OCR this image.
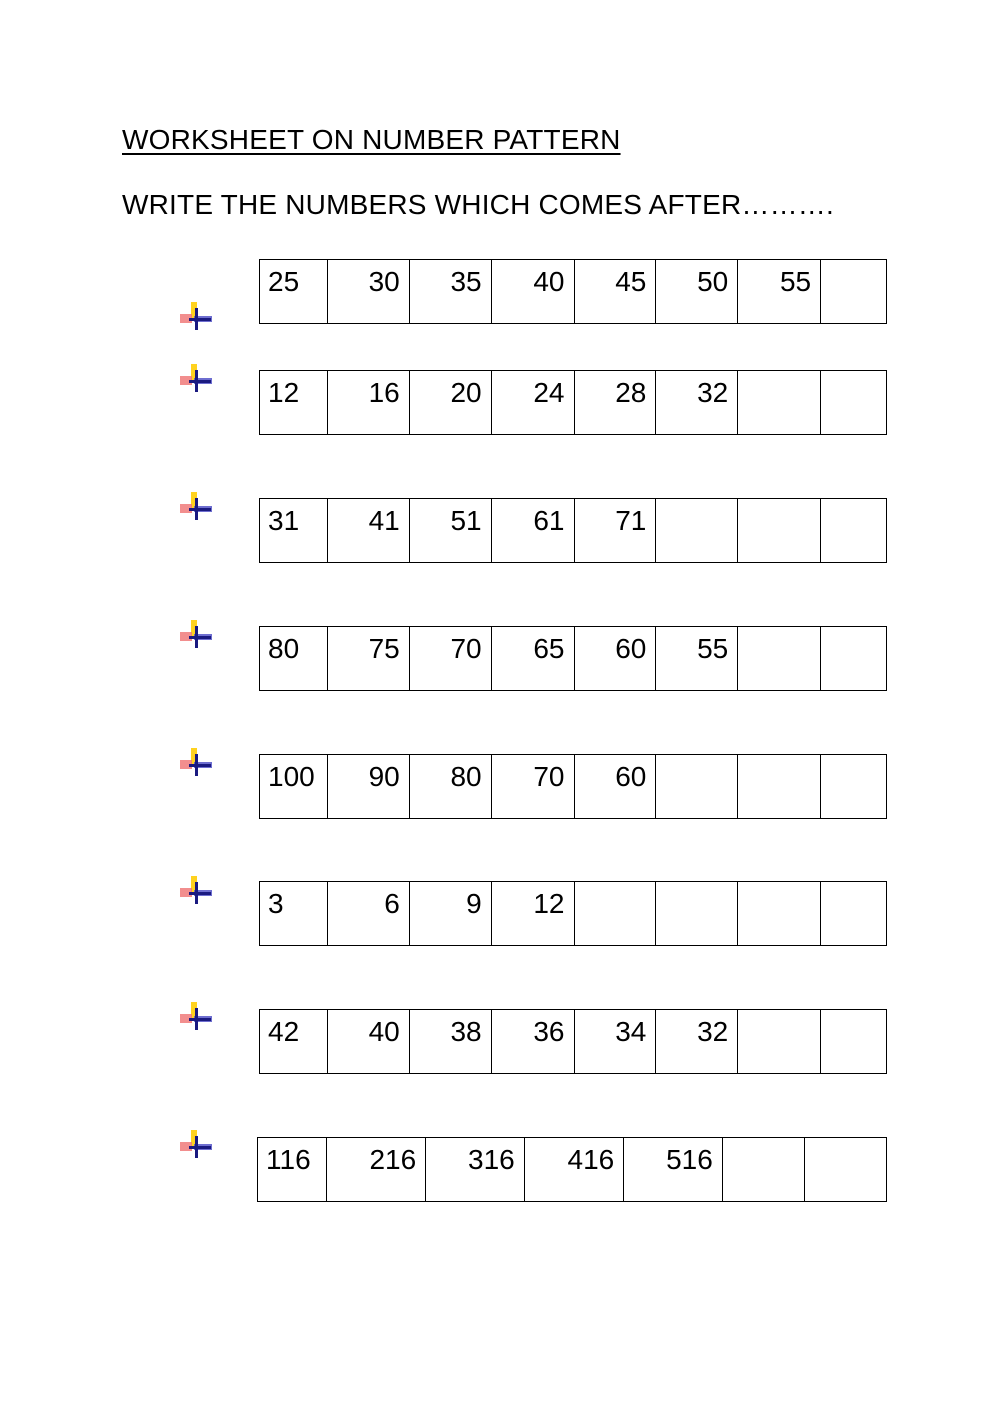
WORKSHEET ON NUMBER PATTERN
WRITE THE NUMBERS WHICH COMES AFTER……….
25	30	35	40	45	50	55
12	16	20	24	28	32
31	41	51	61	71
80	75	70	65	60	55
100	90	80	70	60
3	6	9	12
42	40	38	36	34	32
116	216	316	416	516
